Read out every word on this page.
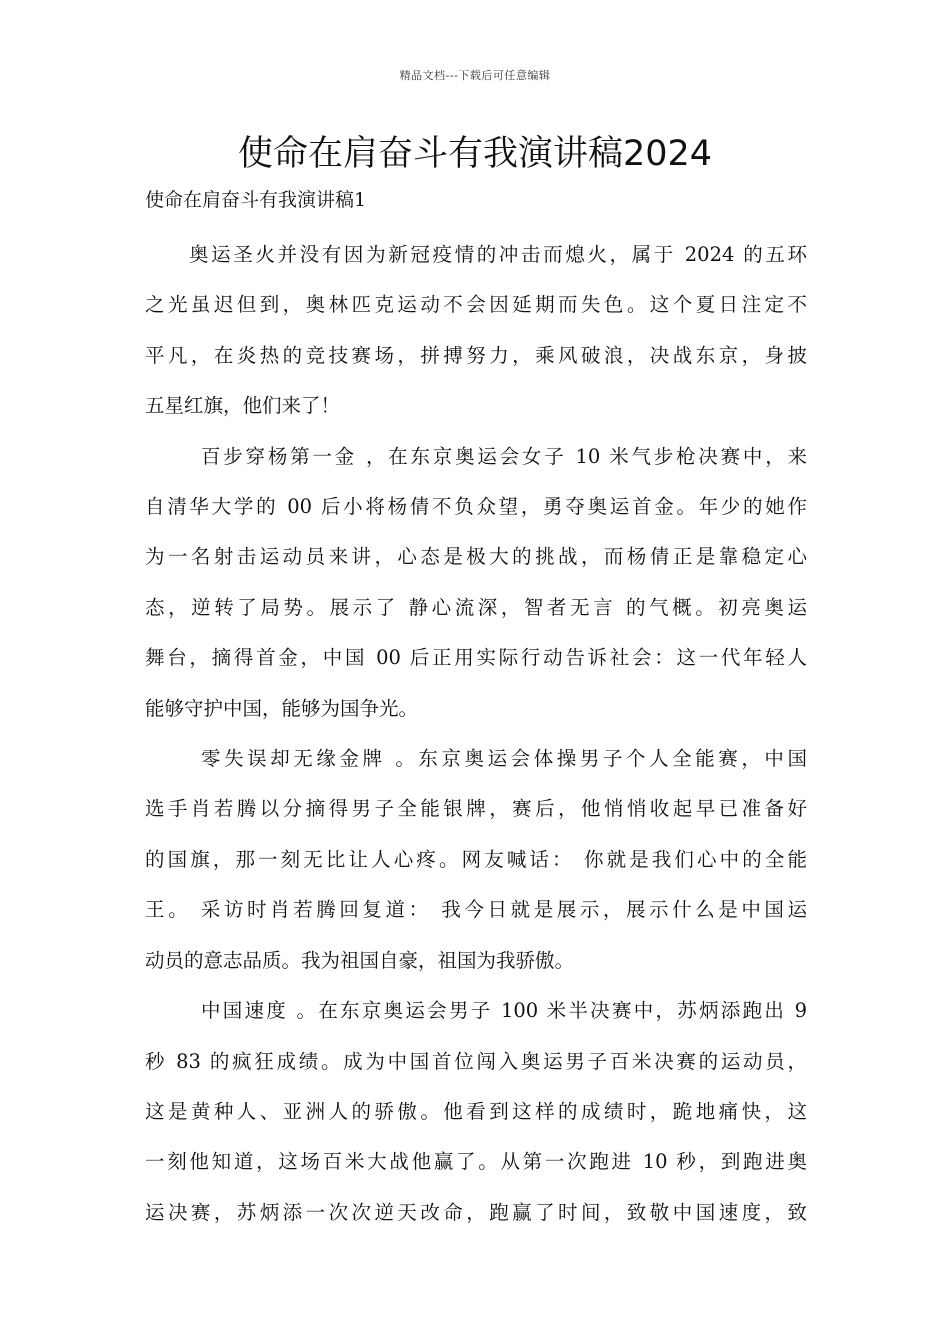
精品文档---下载后可任意编辑
使命在肩奋斗有我演讲稿2024
使命在肩奋斗有我演讲稿1
奥运圣火并没有因为新冠疫情的冲击而熄火，属于 2024 的五环
之光虽迟但到，奥林匹克运动不会因延期而失色。这个夏日注定不
平凡，在炎热的竞技赛场，拼搏努力，乘风破浪，决战东京，身披
五星红旗，他们来了！
百步穿杨第一金 ，在东京奥运会女子 10 米气步枪决赛中，来
自清华大学的 00 后小将杨倩不负众望，勇夺奥运首金。年少的她作
为一名射击运动员来讲，心态是极大的挑战，而杨倩正是靠稳定心
态，逆转了局势。展示了 静心流深，智者无言 的气概。初亮奥运
舞台，摘得首金，中国 00 后正用实际行动告诉社会：这一代年轻人
能够守护中国，能够为国争光。
零失误却无缘金牌 。东京奥运会体操男子个人全能赛，中国
选手肖若腾以分摘得男子全能银牌，赛后，他悄悄收起早已准备好
的国旗，那一刻无比让人心疼。网友喊话： 你就是我们心中的全能
王。 采访时肖若腾回复道： 我今日就是展示，展示什么是中国运
动员的意志品质。我为祖国自豪，祖国为我骄傲。
中国速度 。在东京奥运会男子 100 米半决赛中，苏炳添跑出 9
秒 83 的疯狂成绩。成为中国首位闯入奥运男子百米决赛的运动员，
这是黄种人、亚洲人的骄傲。他看到这样的成绩时，跪地痛快，这
一刻他知道，这场百米大战他赢了。从第一次跑进 10 秒，到跑进奥
运决赛，苏炳添一次次逆天改命，跑赢了时间，致敬中国速度，致
